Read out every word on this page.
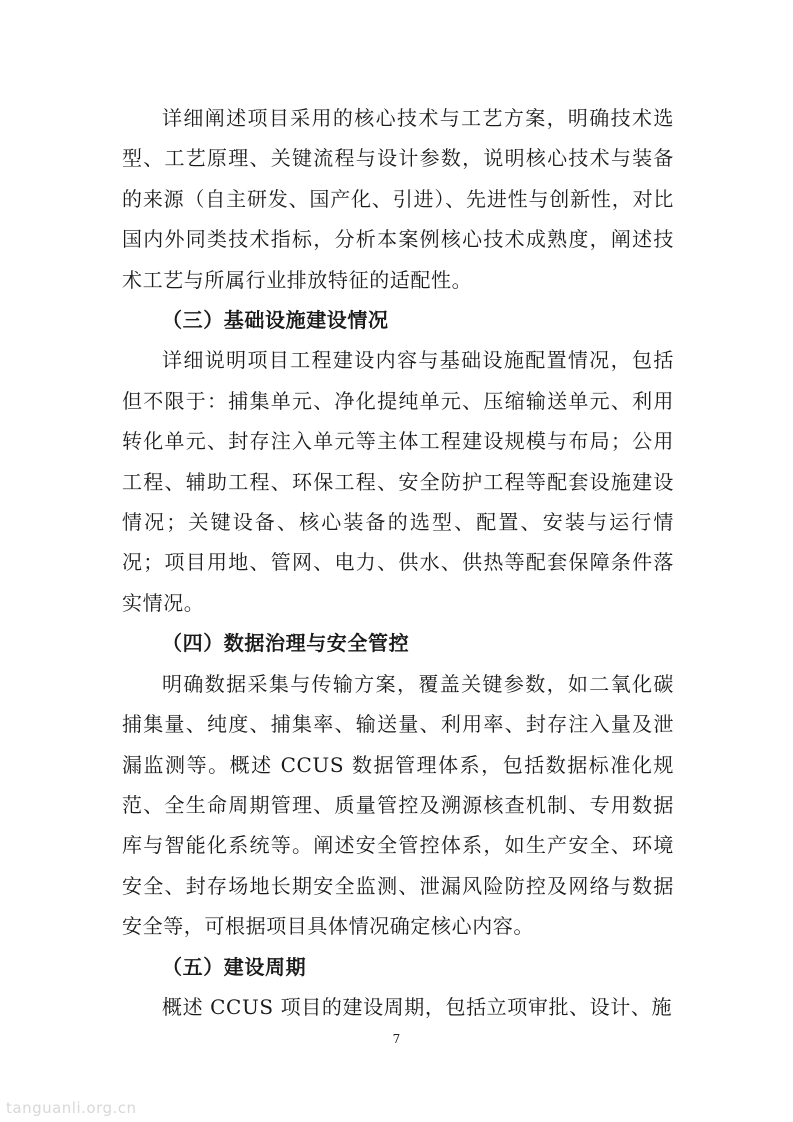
详细阐述项目采用的核心技术与工艺方案，明确技术选型、工艺原理、关键流程与设计参数，说明核心技术与装备的来源（自主研发、国产化、引进）、先进性与创新性，对比国内外同类技术指标，分析本案例核心技术成熟度，阐述技术工艺与所属行业排放特征的适配性。

（三）基础设施建设情况

详细说明项目工程建设内容与基础设施配置情况，包括但不限于：捕集单元、净化提纯单元、压缩输送单元、利用转化单元、封存注入单元等主体工程建设规模与布局；公用工程、辅助工程、环保工程、安全防护工程等配套设施建设情况；关键设备、核心装备的选型、配置、安装与运行情况；项目用地、管网、电力、供水、供热等配套保障条件落实情况。

（四）数据治理与安全管控

明确数据采集与传输方案，覆盖关键参数，如二氧化碳捕集量、纯度、捕集率、输送量、利用率、封存注入量及泄漏监测等。概述 CCUS 数据管理体系，包括数据标准化规范、全生命周期管理、质量管控及溯源核查机制、专用数据库与智能化系统等。阐述安全管控体系，如生产安全、环境安全、封存场地长期安全监测、泄漏风险防控及网络与数据安全等，可根据项目具体情况确定核心内容。

（五）建设周期

概述 CCUS 项目的建设周期，包括立项审批、设计、施

7
tanguanli.org.cn
